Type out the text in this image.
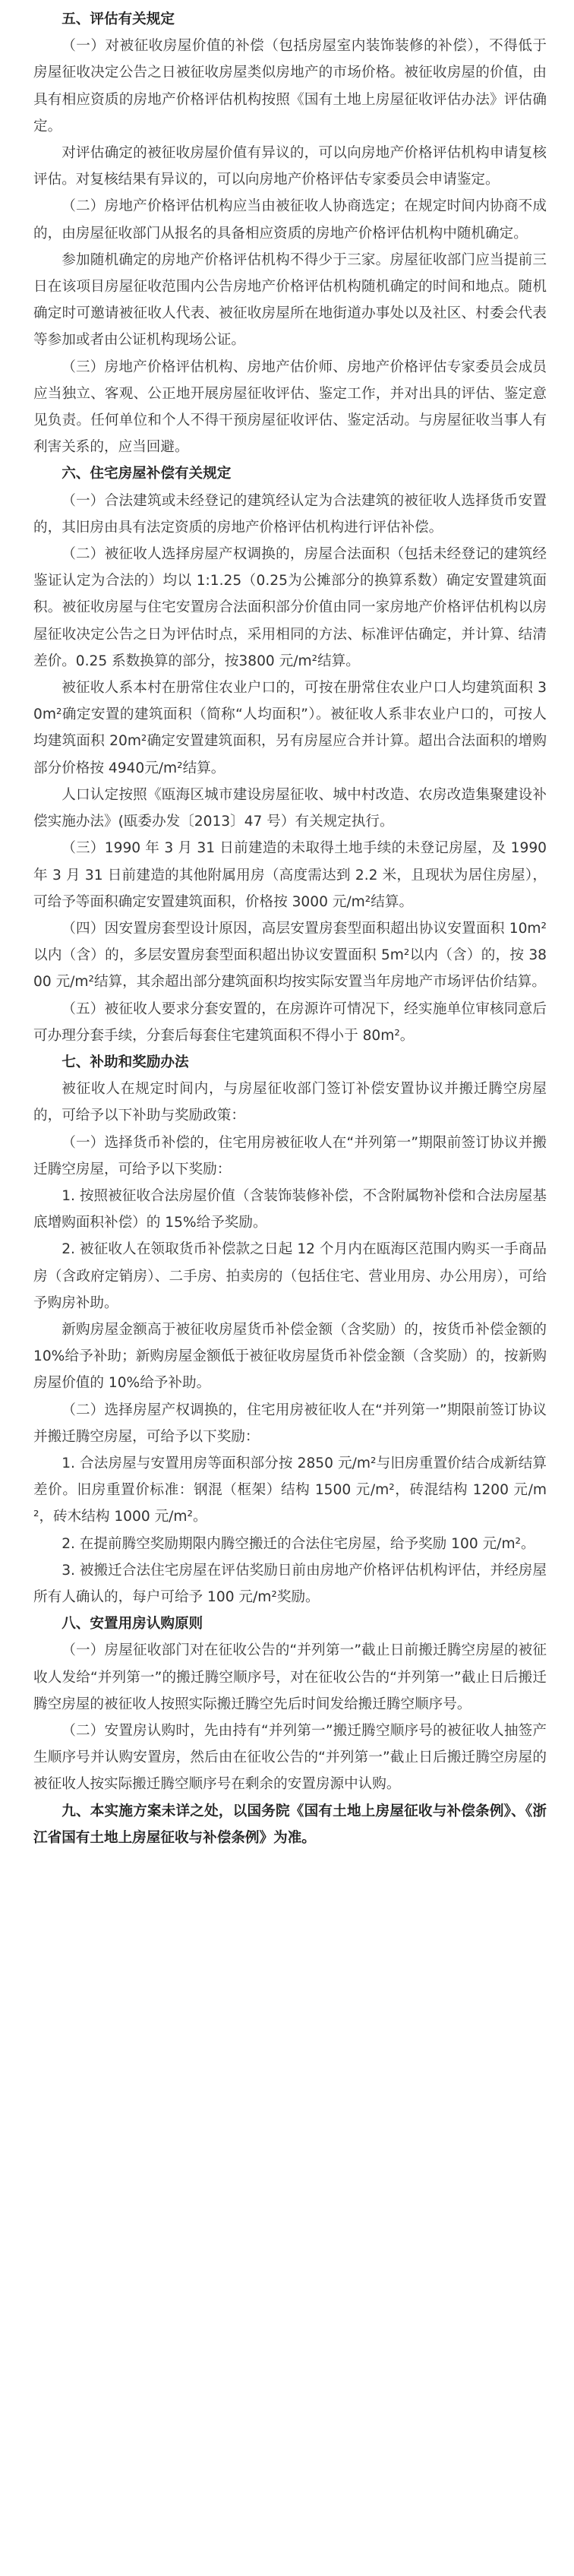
五、评估有关规定

（一）对被征收房屋价值的补偿（包括房屋室内装饰装修的补偿），不得低于房屋征收决定公告之日被征收房屋类似房地产的市场价格。被征收房屋的价值，由具有相应资质的房地产价格评估机构按照《国有土地上房屋征收评估办法》评估确定。

对评估确定的被征收房屋价值有异议的，可以向房地产价格评估机构申请复核评估。对复核结果有异议的，可以向房地产价格评估专家委员会申请鉴定。

（二）房地产价格评估机构应当由被征收人协商选定；在规定时间内协商不成的，由房屋征收部门从报名的具备相应资质的房地产价格评估机构中随机确定。

参加随机确定的房地产价格评估机构不得少于三家。房屋征收部门应当提前三日在该项目房屋征收范围内公告房地产价格评估机构随机确定的时间和地点。随机确定时可邀请被征收人代表、被征收房屋所在地街道办事处以及社区、村委会代表等参加或者由公证机构现场公证。

（三）房地产价格评估机构、房地产估价师、房地产价格评估专家委员会成员应当独立、客观、公正地开展房屋征收评估、鉴定工作，并对出具的评估、鉴定意见负责。任何单位和个人不得干预房屋征收评估、鉴定活动。与房屋征收当事人有利害关系的，应当回避。

六、住宅房屋补偿有关规定

（一）合法建筑或未经登记的建筑经认定为合法建筑的被征收人选择货币安置的，其旧房由具有法定资质的房地产价格评估机构进行评估补偿。

（二）被征收人选择房屋产权调换的，房屋合法面积（包括未经登记的建筑经鉴证认定为合法的）均以 1:1.25（0.25为公摊部分的换算系数）确定安置建筑面积。被征收房屋与住宅安置房合法面积部分价值由同一家房地产价格评估机构以房屋征收决定公告之日为评估时点，采用相同的方法、标准评估确定，并计算、结清差价。0.25 系数换算的部分，按3800 元/m²结算。

被征收人系本村在册常住农业户口的，可按在册常住农业户口人均建筑面积 30m²确定安置的建筑面积（简称“人均面积”）。被征收人系非农业户口的，可按人均建筑面积 20m²确定安置建筑面积，另有房屋应合并计算。超出合法面积的增购部分价格按 4940元/m²结算。

人口认定按照《瓯海区城市建设房屋征收、城中村改造、农房改造集聚建设补偿实施办法》(瓯委办发〔2013〕47 号）有关规定执行。

（三）1990 年 3 月 31 日前建造的未取得土地手续的未登记房屋，及 1990 年 3 月 31 日前建造的其他附属用房（高度需达到 2.2 米，且现状为居住房屋），可给予等面积确定安置建筑面积，价格按 3000 元/m²结算。

（四）因安置房套型设计原因，高层安置房套型面积超出协议安置面积 10m²以内（含）的，多层安置房套型面积超出协议安置面积 5m²以内（含）的，按 3800 元/m²结算，其余超出部分建筑面积均按实际安置当年房地产市场评估价结算。

（五）被征收人要求分套安置的，在房源许可情况下，经实施单位审核同意后可办理分套手续，分套后每套住宅建筑面积不得小于 80m²。

七、补助和奖励办法

被征收人在规定时间内，与房屋征收部门签订补偿安置协议并搬迁腾空房屋的，可给予以下补助与奖励政策：

（一）选择货币补偿的，住宅用房被征收人在“并列第一”期限前签订协议并搬迁腾空房屋，可给予以下奖励：

1. 按照被征收合法房屋价值（含装饰装修补偿，不含附属物补偿和合法房屋基底增购面积补偿）的 15%给予奖励。

2. 被征收人在领取货币补偿款之日起 12 个月内在瓯海区范围内购买一手商品房（含政府定销房）、二手房、拍卖房的（包括住宅、营业用房、办公用房），可给予购房补助。

新购房屋金额高于被征收房屋货币补偿金额（含奖励）的，按货币补偿金额的 10%给予补助；新购房屋金额低于被征收房屋货币补偿金额（含奖励）的，按新购房屋价值的 10%给予补助。

（二）选择房屋产权调换的，住宅用房被征收人在“并列第一”期限前签订协议并搬迁腾空房屋，可给予以下奖励：

1. 合法房屋与安置用房等面积部分按 2850 元/m²与旧房重置价结合成新结算差价。旧房重置价标准：钢混（框架）结构 1500 元/m²，砖混结构 1200 元/m²，砖木结构 1000 元/m²。

2. 在提前腾空奖励期限内腾空搬迁的合法住宅房屋，给予奖励 100 元/m²。

3. 被搬迁合法住宅房屋在评估奖励日前由房地产价格评估机构评估，并经房屋所有人确认的，每户可给予 100 元/m²奖励。

八、安置用房认购原则

（一）房屋征收部门对在征收公告的“并列第一”截止日前搬迁腾空房屋的被征收人发给“并列第一”的搬迁腾空顺序号，对在征收公告的“并列第一”截止日后搬迁腾空房屋的被征收人按照实际搬迁腾空先后时间发给搬迁腾空顺序号。

（二）安置房认购时，先由持有“并列第一”搬迁腾空顺序号的被征收人抽签产生顺序号并认购安置房，然后由在征收公告的“并列第一”截止日后搬迁腾空房屋的被征收人按实际搬迁腾空顺序号在剩余的安置房源中认购。

九、本实施方案未详之处，以国务院《国有土地上房屋征收与补偿条例》、《浙江省国有土地上房屋征收与补偿条例》为准。
